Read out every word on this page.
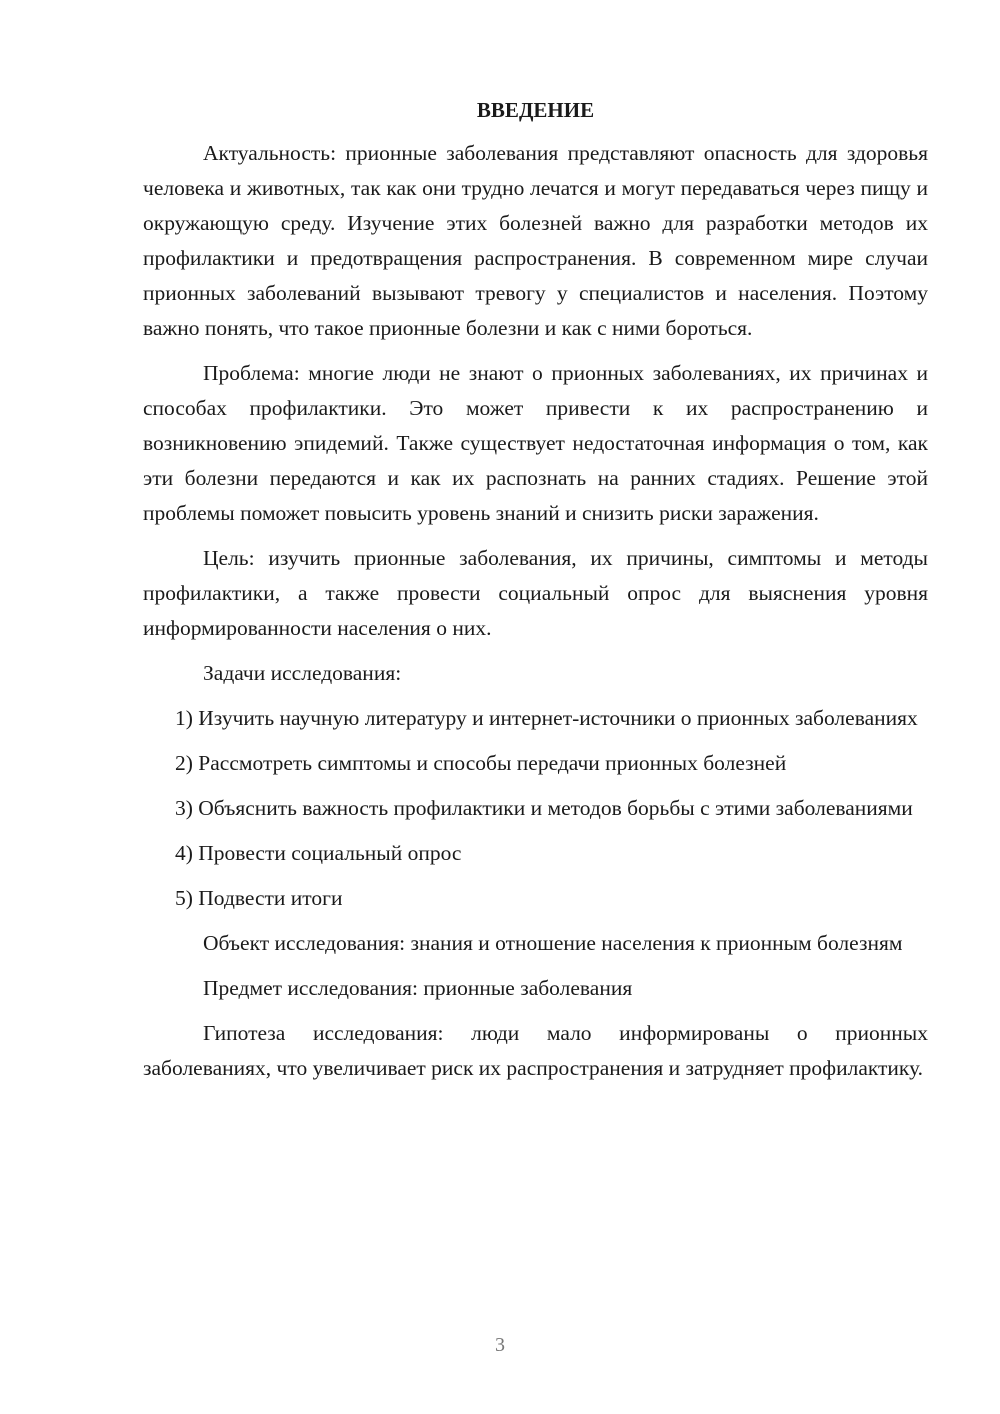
ВВЕДЕНИЕ

Актуальность: прионные заболевания представляют опасность для здоровья человека и животных, так как они трудно лечатся и могут передаваться через пищу и окружающую среду. Изучение этих болезней важно для разработки методов их профилактики и предотвращения распространения. В современном мире случаи прионных заболеваний вызывают тревогу у специалистов и населения. Поэтому важно понять, что такое прионные болезни и как с ними бороться.

Проблема: многие люди не знают о прионных заболеваниях, их причинах и способах профилактики. Это может привести к их распространению и возникновению эпидемий. Также существует недостаточная информация о том, как эти болезни передаются и как их распознать на ранних стадиях. Решение этой проблемы поможет повысить уровень знаний и снизить риски заражения.

Цель: изучить прионные заболевания, их причины, симптомы и методы профилактики, а также провести социальный опрос для выяснения уровня информированности населения о них.

Задачи исследования:

1) Изучить научную литературу и интернет-источники о прионных заболеваниях

2) Рассмотреть симптомы и способы передачи прионных болезней

3) Объяснить важность профилактики и методов борьбы с этими заболеваниями

4) Провести социальный опрос

5) Подвести итоги

Объект исследования: знания и отношение населения к прионным болезням

Предмет исследования: прионные заболевания

Гипотеза исследования: люди мало информированы о прионных заболеваниях, что увеличивает риск их распространения и затрудняет профилактику.

3
